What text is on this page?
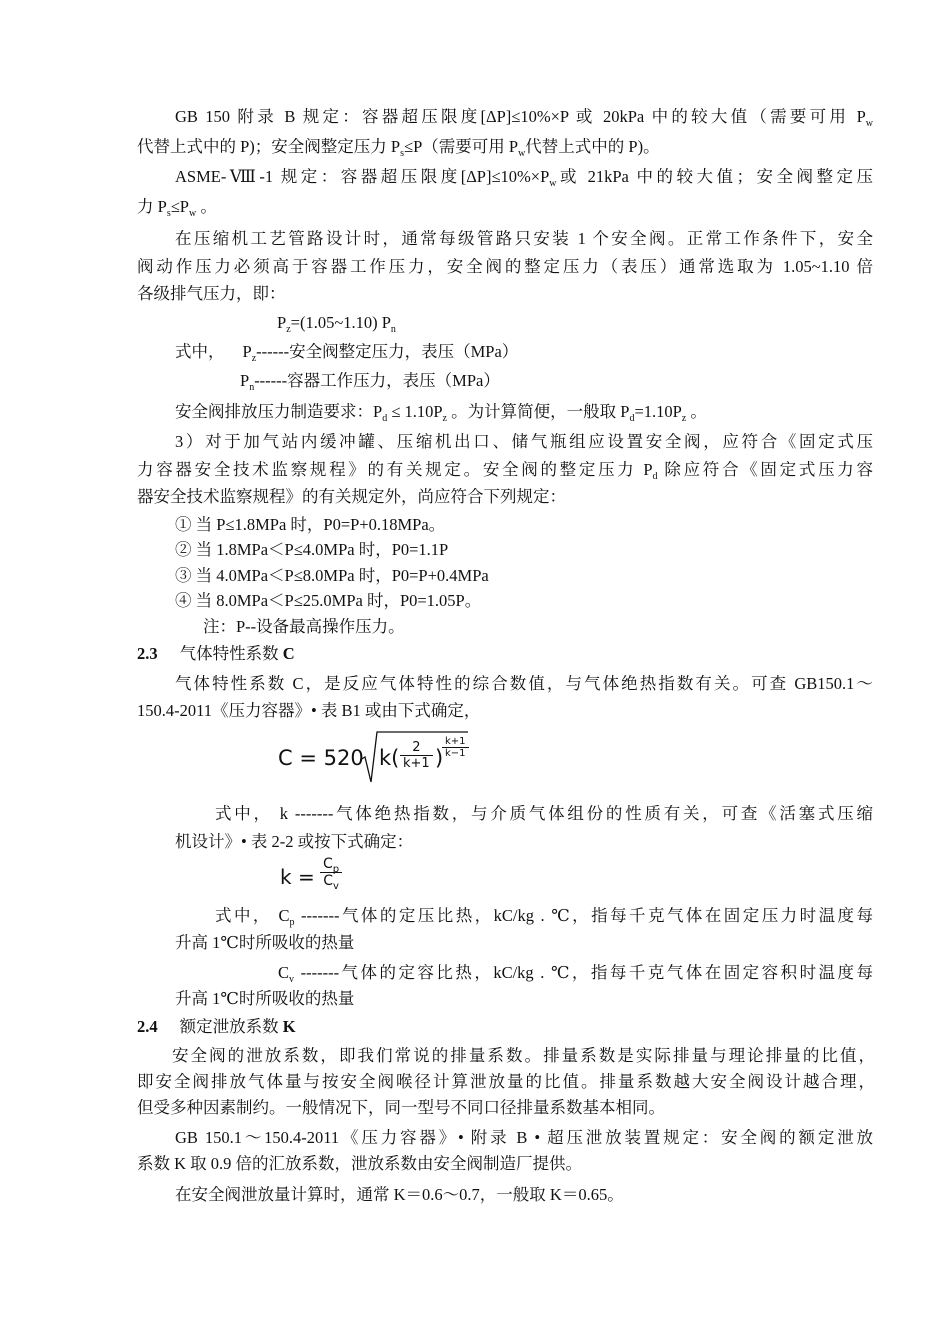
GB 150 附录 B 规定：容器超压限度[ΔP]≤10%×P 或 20kPa 中的较大值（需要可用 $P_w$
代替上式中的 P)；安全阀整定压力 $P_s\le P$（需要可用 $P_w$代替上式中的 P)。
ASME-Ⅷ-1 规定：容器超压限度$[\Delta P]\le 10\%\times P_w$或 21kPa 中的较大值；安全阀整定压
力 $P_s\le P_w$ 。
在压缩机工艺管路设计时，通常每级管路只安装 1 个安全阀。正常工作条件下，安全
阀动作压力必须高于容器工作压力，安全阀的整定压力（表压）通常选取为 1.05~1.10 倍
各级排气压力，即：
$P_z=(1.05\sim 1.10)$ $P_n$
式中， $P_z------$安全阀整定压力，表压（MPa）
$P_n------$容器工作压力，表压（MPa）
安全阀排放压力制造要求：$P_d \le 1.10P_z$ 。为计算简便，一般取 $P_d=1.10P_z$ 。
3）对于加气站内缓冲罐、压缩机出口、储气瓶组应设置安全阀，应符合《固定式压
力容器安全技术监察规程》的有关规定。安全阀的整定压力 $P_d$ 除应符合《固定式压力容
器安全技术监察规程》的有关规定外，尚应符合下列规定：
① 当 P≤1.8MPa 时，P0=P+0.18MPa。
② 当 1.8MPa＜P≤4.0MPa 时，P0=1.1P
③ 当 4.0MPa＜P≤8.0MPa 时，P0=P+0.4MPa
④ 当 8.0MPa＜P≤25.0MPa 时，P0=1.05P。
注：P--设备最高操作压力。
2.3 气体特性系数 C
气体特性系数 C，是反应气体特性的综合数值，与气体绝热指数有关。可查 GB150.1～
150.4-2011《压力容器》• 表 B1 或由下式确定，
C = 520 $k( \frac{2}{k+1}$ )
$\frac{k+1}{k-1}$
式中， k -------气体绝热指数，与介质气体组份的性质有关，可查《活塞式压缩
机设计》• 表 2-2 或按下式确定：
$k = \frac{C_p}{C_v}$
式中， $C_p$ -------气体的定压比热，kC/kg . ℃，指每千克气体在固定压力时温度每
升高 1℃时所吸收的热量
$C_v$ -------气体的定容比热，kC/kg . ℃，指每千克气体在固定容积时温度每
升高 1℃时所吸收的热量
2.4 额定泄放系数 K
安全阀的泄放系数，即我们常说的排量系数。排量系数是实际排量与理论排量的比值，
即安全阀排放气体量与按安全阀喉径计算泄放量的比值。排量系数越大安全阀设计越合理，
但受多种因素制约。一般情况下，同一型号不同口径排量系数基本相同。
GB 150.1～150.4-2011《压力容器》• 附录 B • 超压泄放装置规定：安全阀的额定泄放
系数 K 取 0.9 倍的汇放系数，泄放系数由安全阀制造厂提供。
在安全阀泄放量计算时，通常 K＝0.6～0.7，一般取 K＝0.65。
